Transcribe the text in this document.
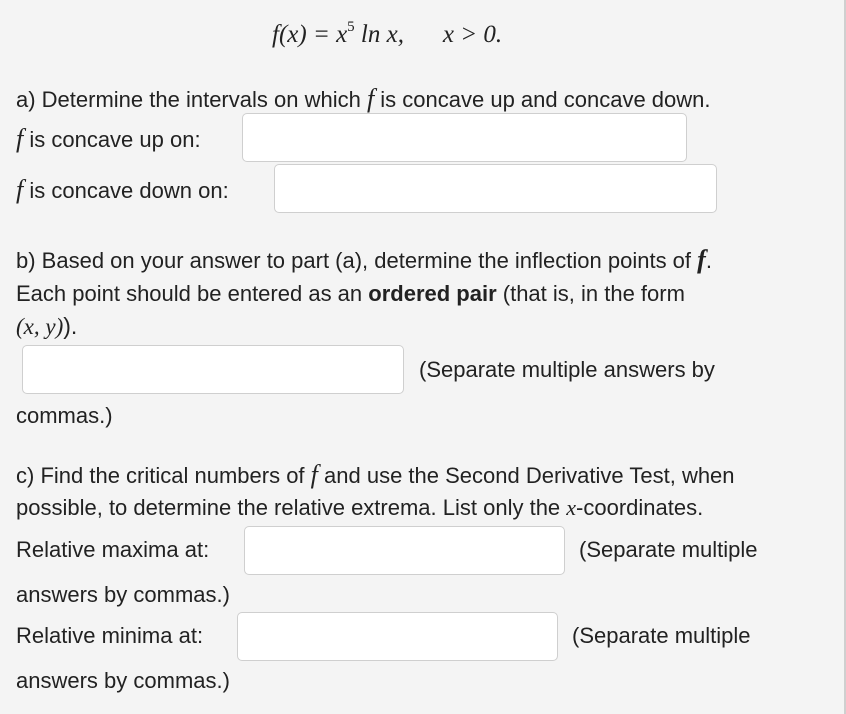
$f(x) = x^5$ ln x, x > 0.
a) Determine the intervals on which f is concave up and concave down.
f is concave up on:
f is concave down on:
b) Based on your answer to part (a), determine the inflection points of f.
Each point should be entered as an ordered pair (that is, in the form
(x, y)).
(Separate multiple answers by
commas.)
c) Find the critical numbers of f and use the Second Derivative Test, when
possible, to determine the relative extrema. List only the x-coordinates.
Relative maxima at:	(Separate multiple
answers by commas.)
Relative minima at:	(Separate multiple
answers by commas.)
